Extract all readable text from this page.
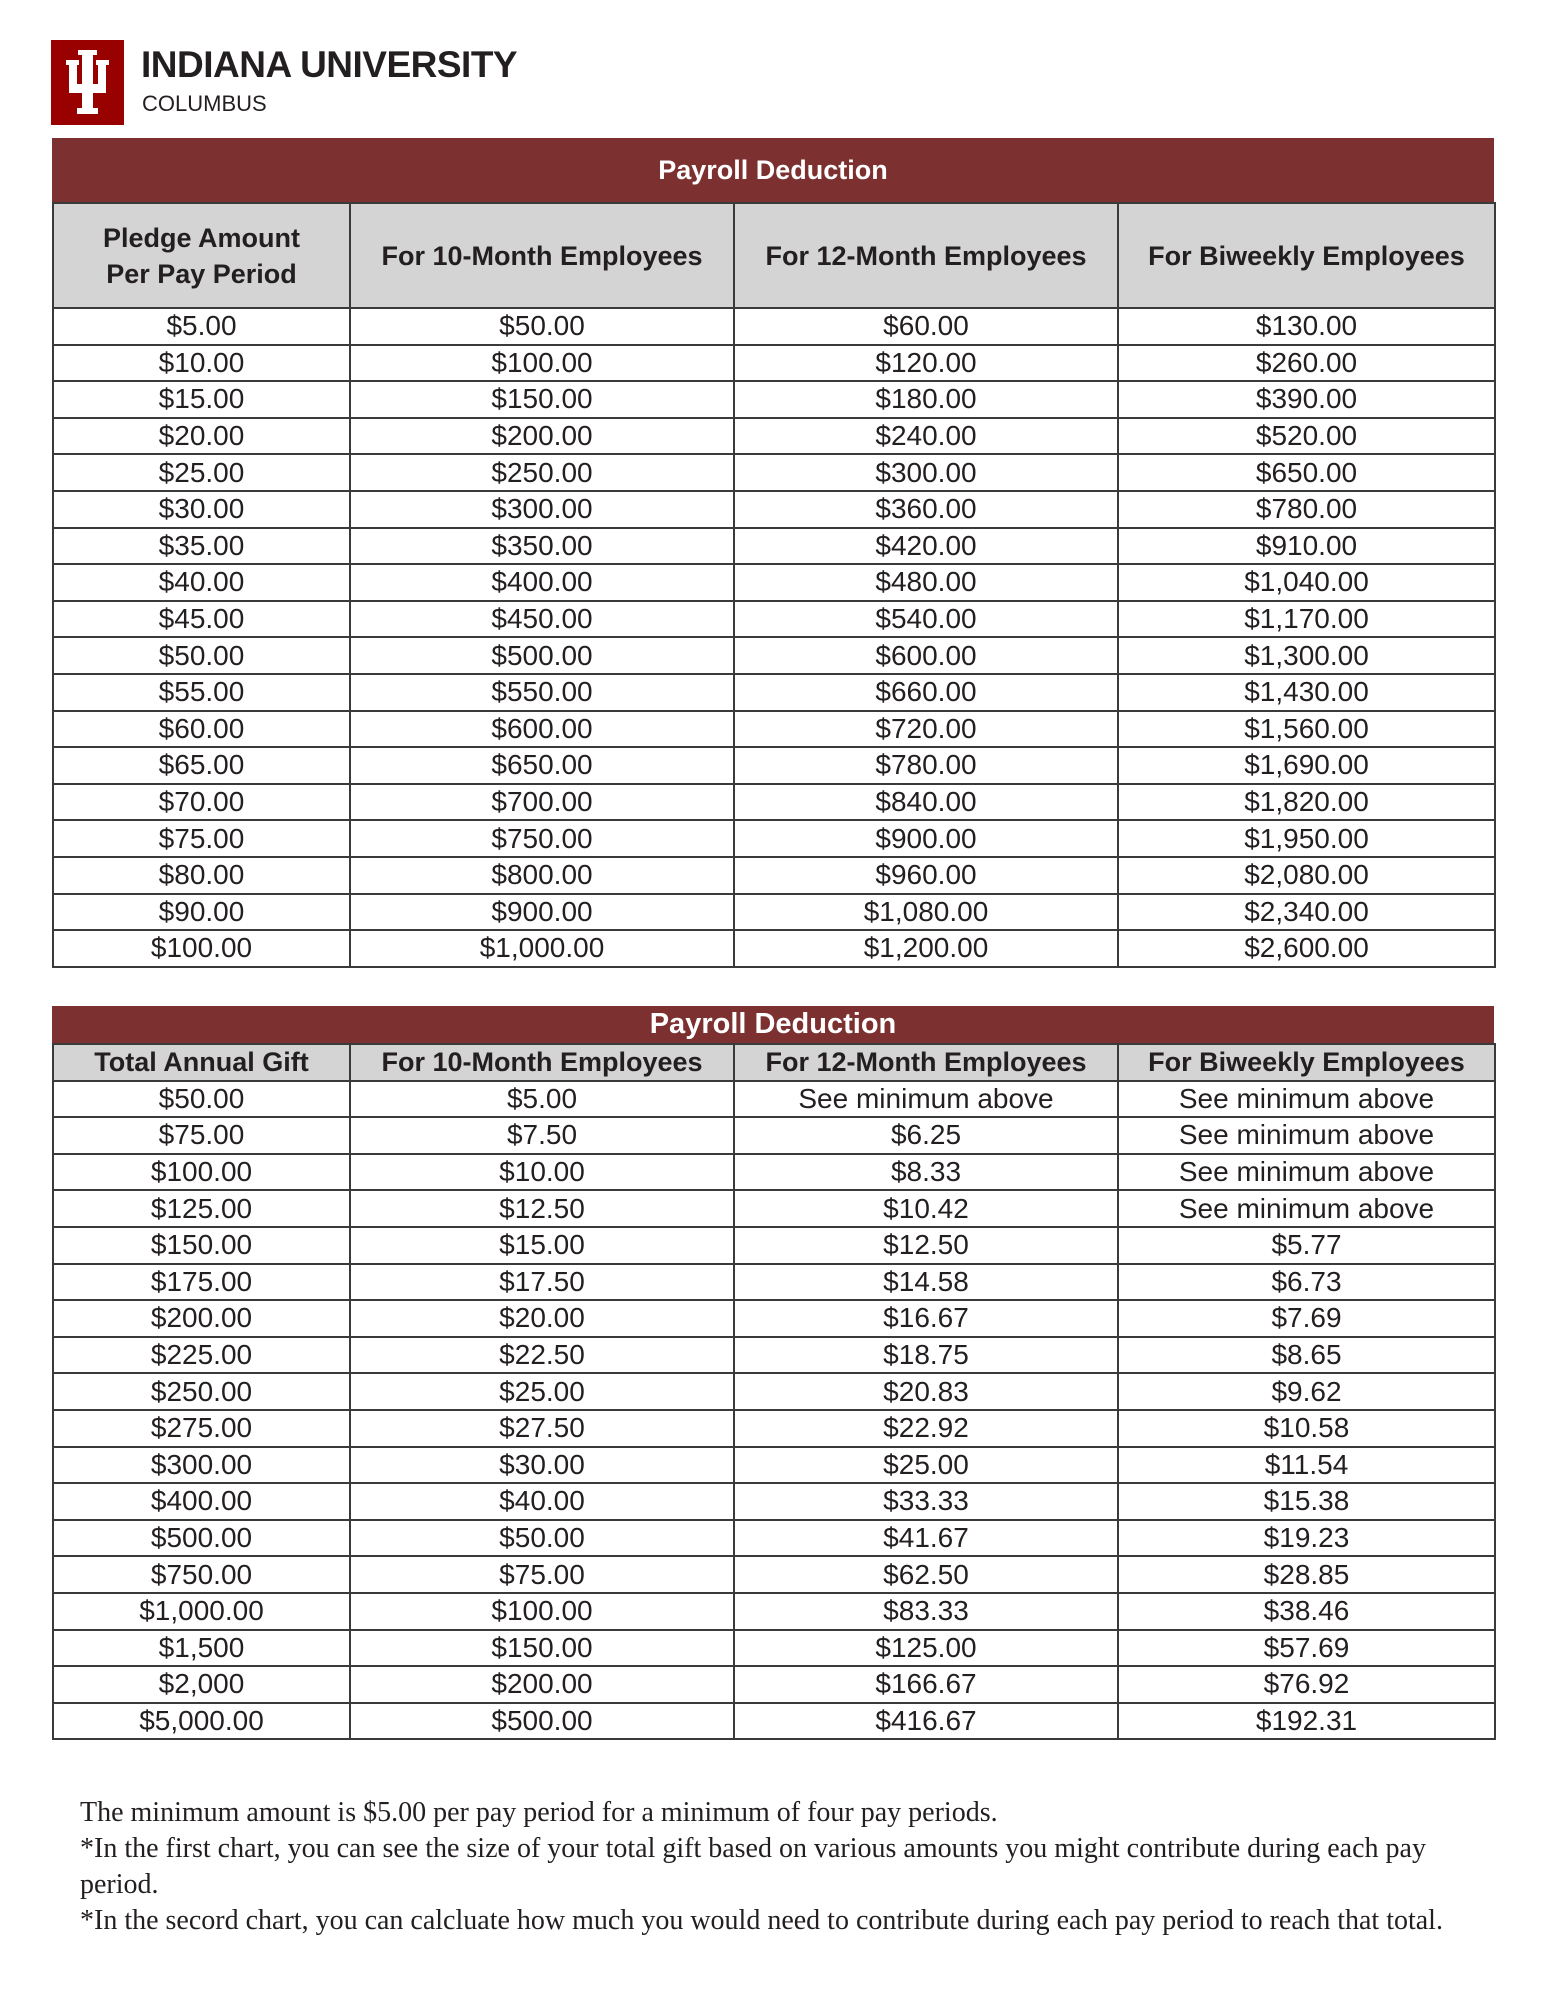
INDIANA UNIVERSITY
COLUMBUS
Payroll Deduction
Pledge Amount
Per Pay Period	For 10-Month Employees	For 12-Month Employees	For Biweekly Employees
$5.00	$50.00	$60.00	$130.00
$10.00	$100.00	$120.00	$260.00
$15.00	$150.00	$180.00	$390.00
$20.00	$200.00	$240.00	$520.00
$25.00	$250.00	$300.00	$650.00
$30.00	$300.00	$360.00	$780.00
$35.00	$350.00	$420.00	$910.00
$40.00	$400.00	$480.00	$1,040.00
$45.00	$450.00	$540.00	$1,170.00
$50.00	$500.00	$600.00	$1,300.00
$55.00	$550.00	$660.00	$1,430.00
$60.00	$600.00	$720.00	$1,560.00
$65.00	$650.00	$780.00	$1,690.00
$70.00	$700.00	$840.00	$1,820.00
$75.00	$750.00	$900.00	$1,950.00
$80.00	$800.00	$960.00	$2,080.00
$90.00	$900.00	$1,080.00	$2,340.00
$100.00	$1,000.00	$1,200.00	$2,600.00
Payroll Deduction
Total Annual Gift	For 10-Month Employees	For 12-Month Employees	For Biweekly Employees
$50.00	$5.00	See minimum above	See minimum above
$75.00	$7.50	$6.25	See minimum above
$100.00	$10.00	$8.33	See minimum above
$125.00	$12.50	$10.42	See minimum above
$150.00	$15.00	$12.50	$5.77
$175.00	$17.50	$14.58	$6.73
$200.00	$20.00	$16.67	$7.69
$225.00	$22.50	$18.75	$8.65
$250.00	$25.00	$20.83	$9.62
$275.00	$27.50	$22.92	$10.58
$300.00	$30.00	$25.00	$11.54
$400.00	$40.00	$33.33	$15.38
$500.00	$50.00	$41.67	$19.23
$750.00	$75.00	$62.50	$28.85
$1,000.00	$100.00	$83.33	$38.46
$1,500	$150.00	$125.00	$57.69
$2,000	$200.00	$166.67	$76.92
$5,000.00	$500.00	$416.67	$192.31

The minimum amount is $5.00 per pay period for a minimum of four pay periods.

*In the first chart, you can see the size of your total gift based on various amounts you might contribute during each pay period.

*In the secord chart, you can calcluate how much you would need to contribute during each pay period to reach that total.
